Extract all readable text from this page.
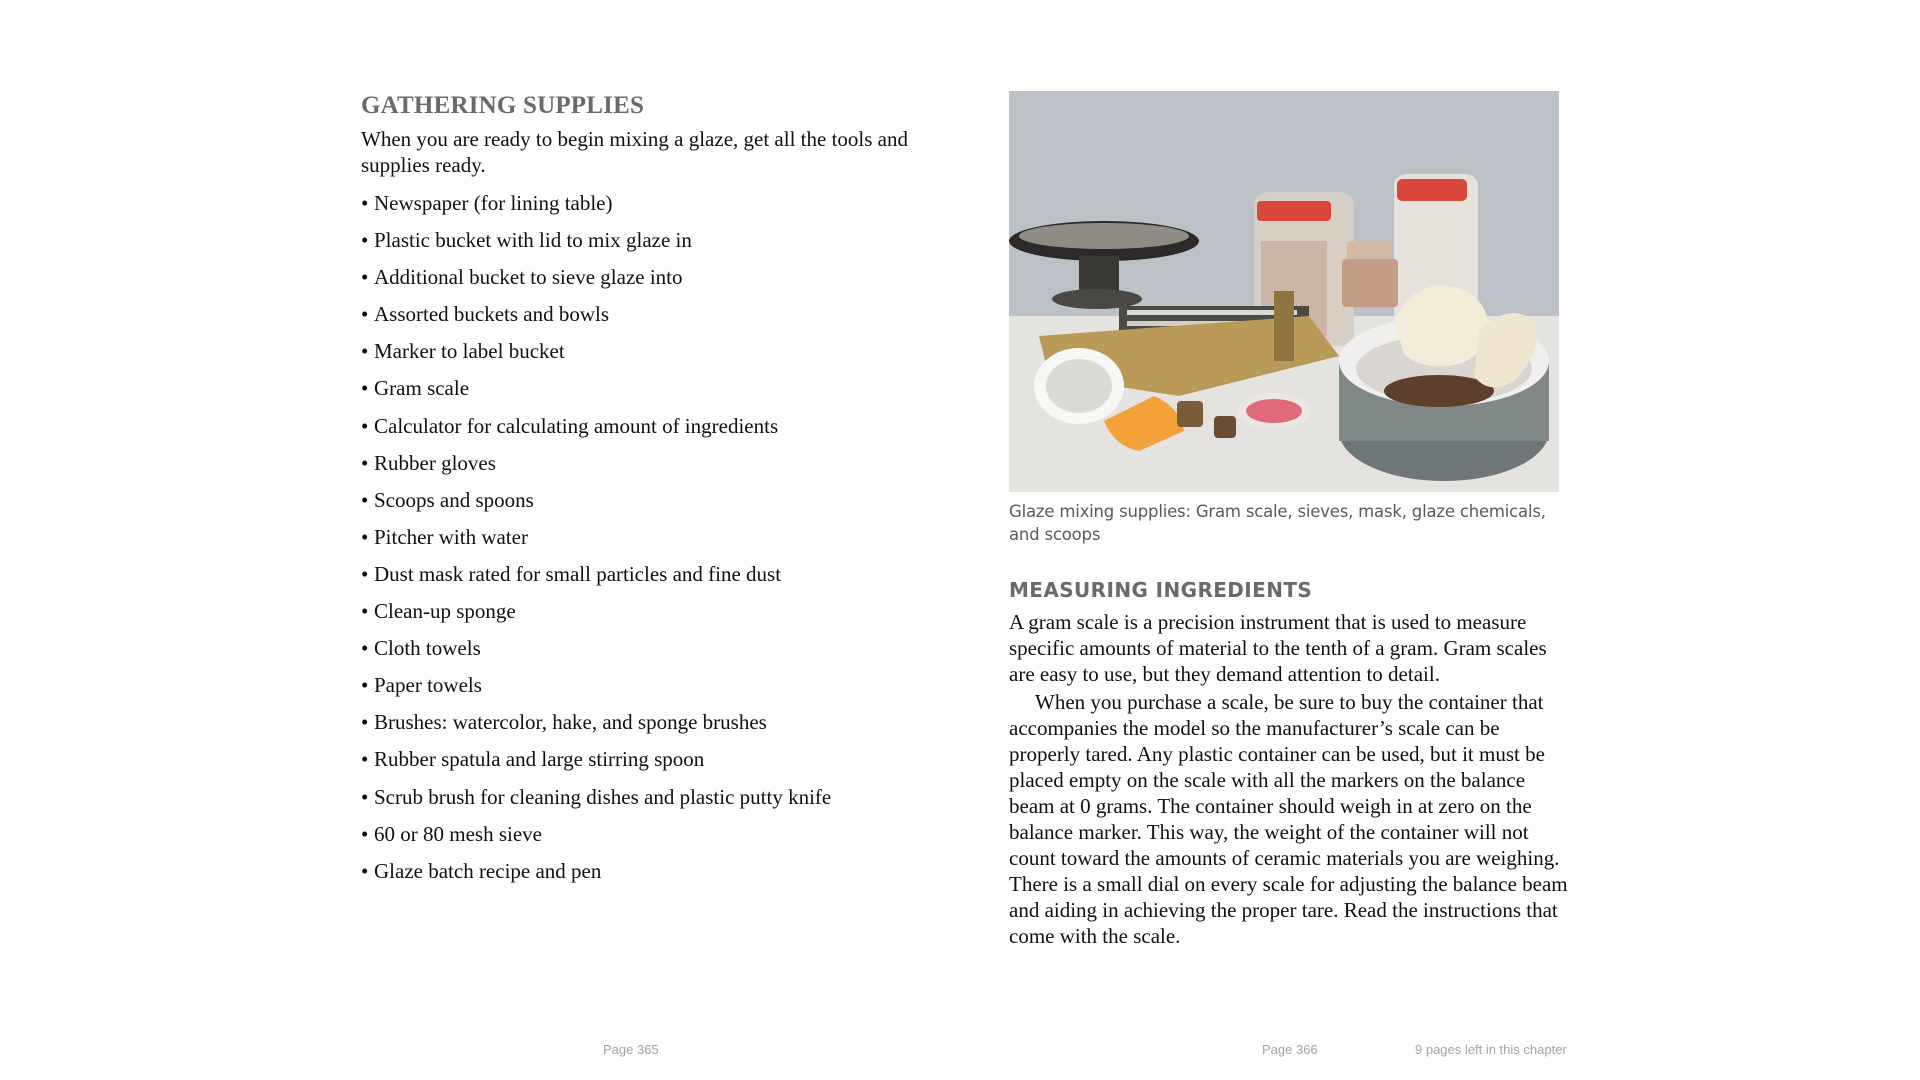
GATHERING SUPPLIES
When you are ready to begin mixing a glaze, get all the tools and supplies ready.
• Newspaper (for lining table)
• Plastic bucket with lid to mix glaze in
• Additional bucket to sieve glaze into
• Assorted buckets and bowls
• Marker to label bucket
• Gram scale
• Calculator for calculating amount of ingredients
• Rubber gloves
• Scoops and spoons
• Pitcher with water
• Dust mask rated for small particles and fine dust
• Clean-up sponge
• Cloth towels
• Paper towels
• Brushes: watercolor, hake, and sponge brushes
• Rubber spatula and large stirring spoon
• Scrub brush for cleaning dishes and plastic putty knife
• 60 or 80 mesh sieve
• Glaze batch recipe and pen
Glaze mixing supplies: Gram scale, sieves, mask, glaze chemicals, and scoops
MEASURING INGREDIENTS

A gram scale is a precision instrument that is used to measure specific amounts of material to the tenth of a gram. Gram scales are easy to use, but they demand attention to detail.

When you purchase a scale, be sure to buy the container that accompanies the model so the manufacturer’s scale can be properly tared. Any plastic container can be used, but it must be placed empty on the scale with all the markers on the balance beam at 0 grams. The container should weigh in at zero on the balance marker. This way, the weight of the container will not count toward the amounts of ceramic materials you are weighing. There is a small dial on every scale for adjusting the balance beam and aiding in achieving the proper tare. Read the instructions that come with the scale.

Page 365	Page 366	9 pages left in this chapter
